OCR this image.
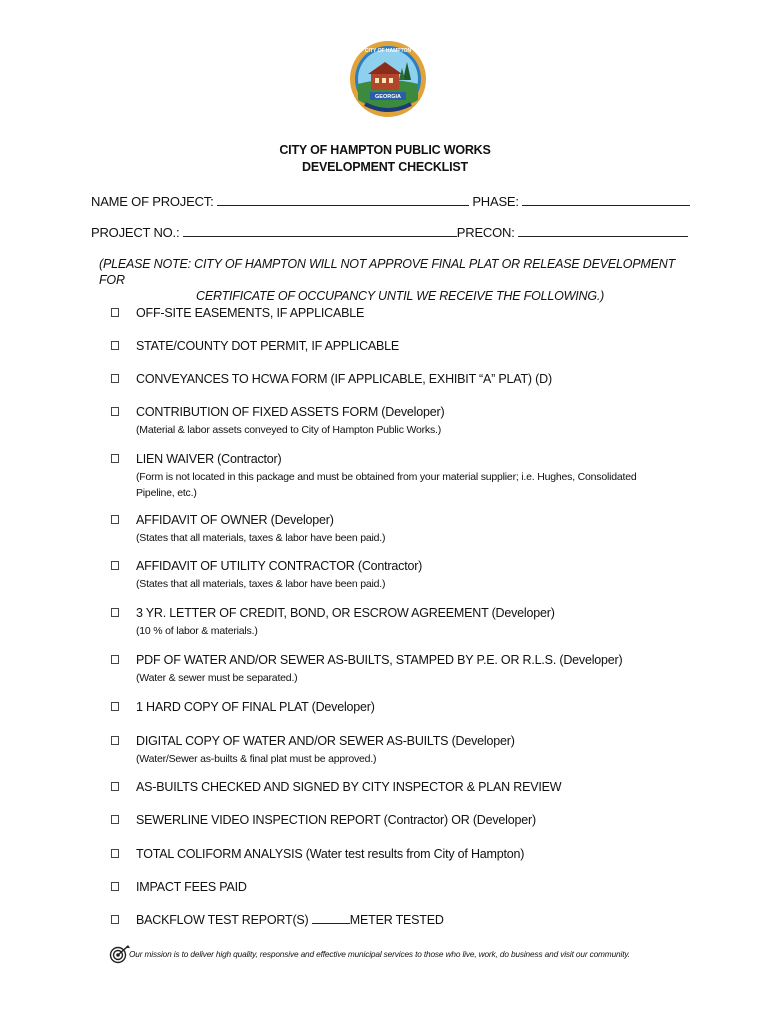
GEORGIA
CITY OF HAMPTON
CITY OF HAMPTON PUBLIC WORKS
DEVELOPMENT CHECKLIST
NAME OF PROJECT:	PHASE:
PROJECT NO.:	PRECON:
(PLEASE NOTE: CITY OF HAMPTON WILL NOT APPROVE FINAL PLAT OR RELEASE DEVELOPMENT FOR
CERTIFICATE OF OCCUPANCY UNTIL WE RECEIVE THE FOLLOWING.)
OFF-SITE EASEMENTS, IF APPLICABLE
STATE/COUNTY DOT PERMIT, IF APPLICABLE
CONVEYANCES TO HCWA FORM (IF APPLICABLE, EXHIBIT “A” PLAT) (D)
CONTRIBUTION OF FIXED ASSETS FORM (Developer)
(Material & labor assets conveyed to City of Hampton Public Works.)
LIEN WAIVER (Contractor)
(Form is not located in this package and must be obtained from your material supplier; i.e. Hughes, Consolidated Pipeline, etc.)
AFFIDAVIT OF OWNER (Developer)
(States that all materials, taxes & labor have been paid.)
AFFIDAVIT OF UTILITY CONTRACTOR (Contractor)
(States that all materials, taxes & labor have been paid.)
3 YR. LETTER OF CREDIT, BOND, OR ESCROW AGREEMENT (Developer)
(10 % of labor & materials.)
PDF OF WATER AND/OR SEWER AS-BUILTS, STAMPED BY P.E. OR R.L.S. (Developer)
(Water & sewer must be separated.)
1 HARD COPY OF FINAL PLAT (Developer)
DIGITAL COPY OF WATER AND/OR SEWER AS-BUILTS (Developer)
(Water/Sewer as-builts & final plat must be approved.)
AS-BUILTS CHECKED AND SIGNED BY CITY INSPECTOR & PLAN REVIEW
SEWERLINE VIDEO INSPECTION REPORT (Contractor) OR (Developer)
TOTAL COLIFORM ANALYSIS (Water test results from City of Hampton)
IMPACT FEES PAID
BACKFLOW TEST REPORT(S)	METER TESTED
Our mission is to deliver high quality, responsive and effective municipal services to those who live, work, do business and visit our community.
